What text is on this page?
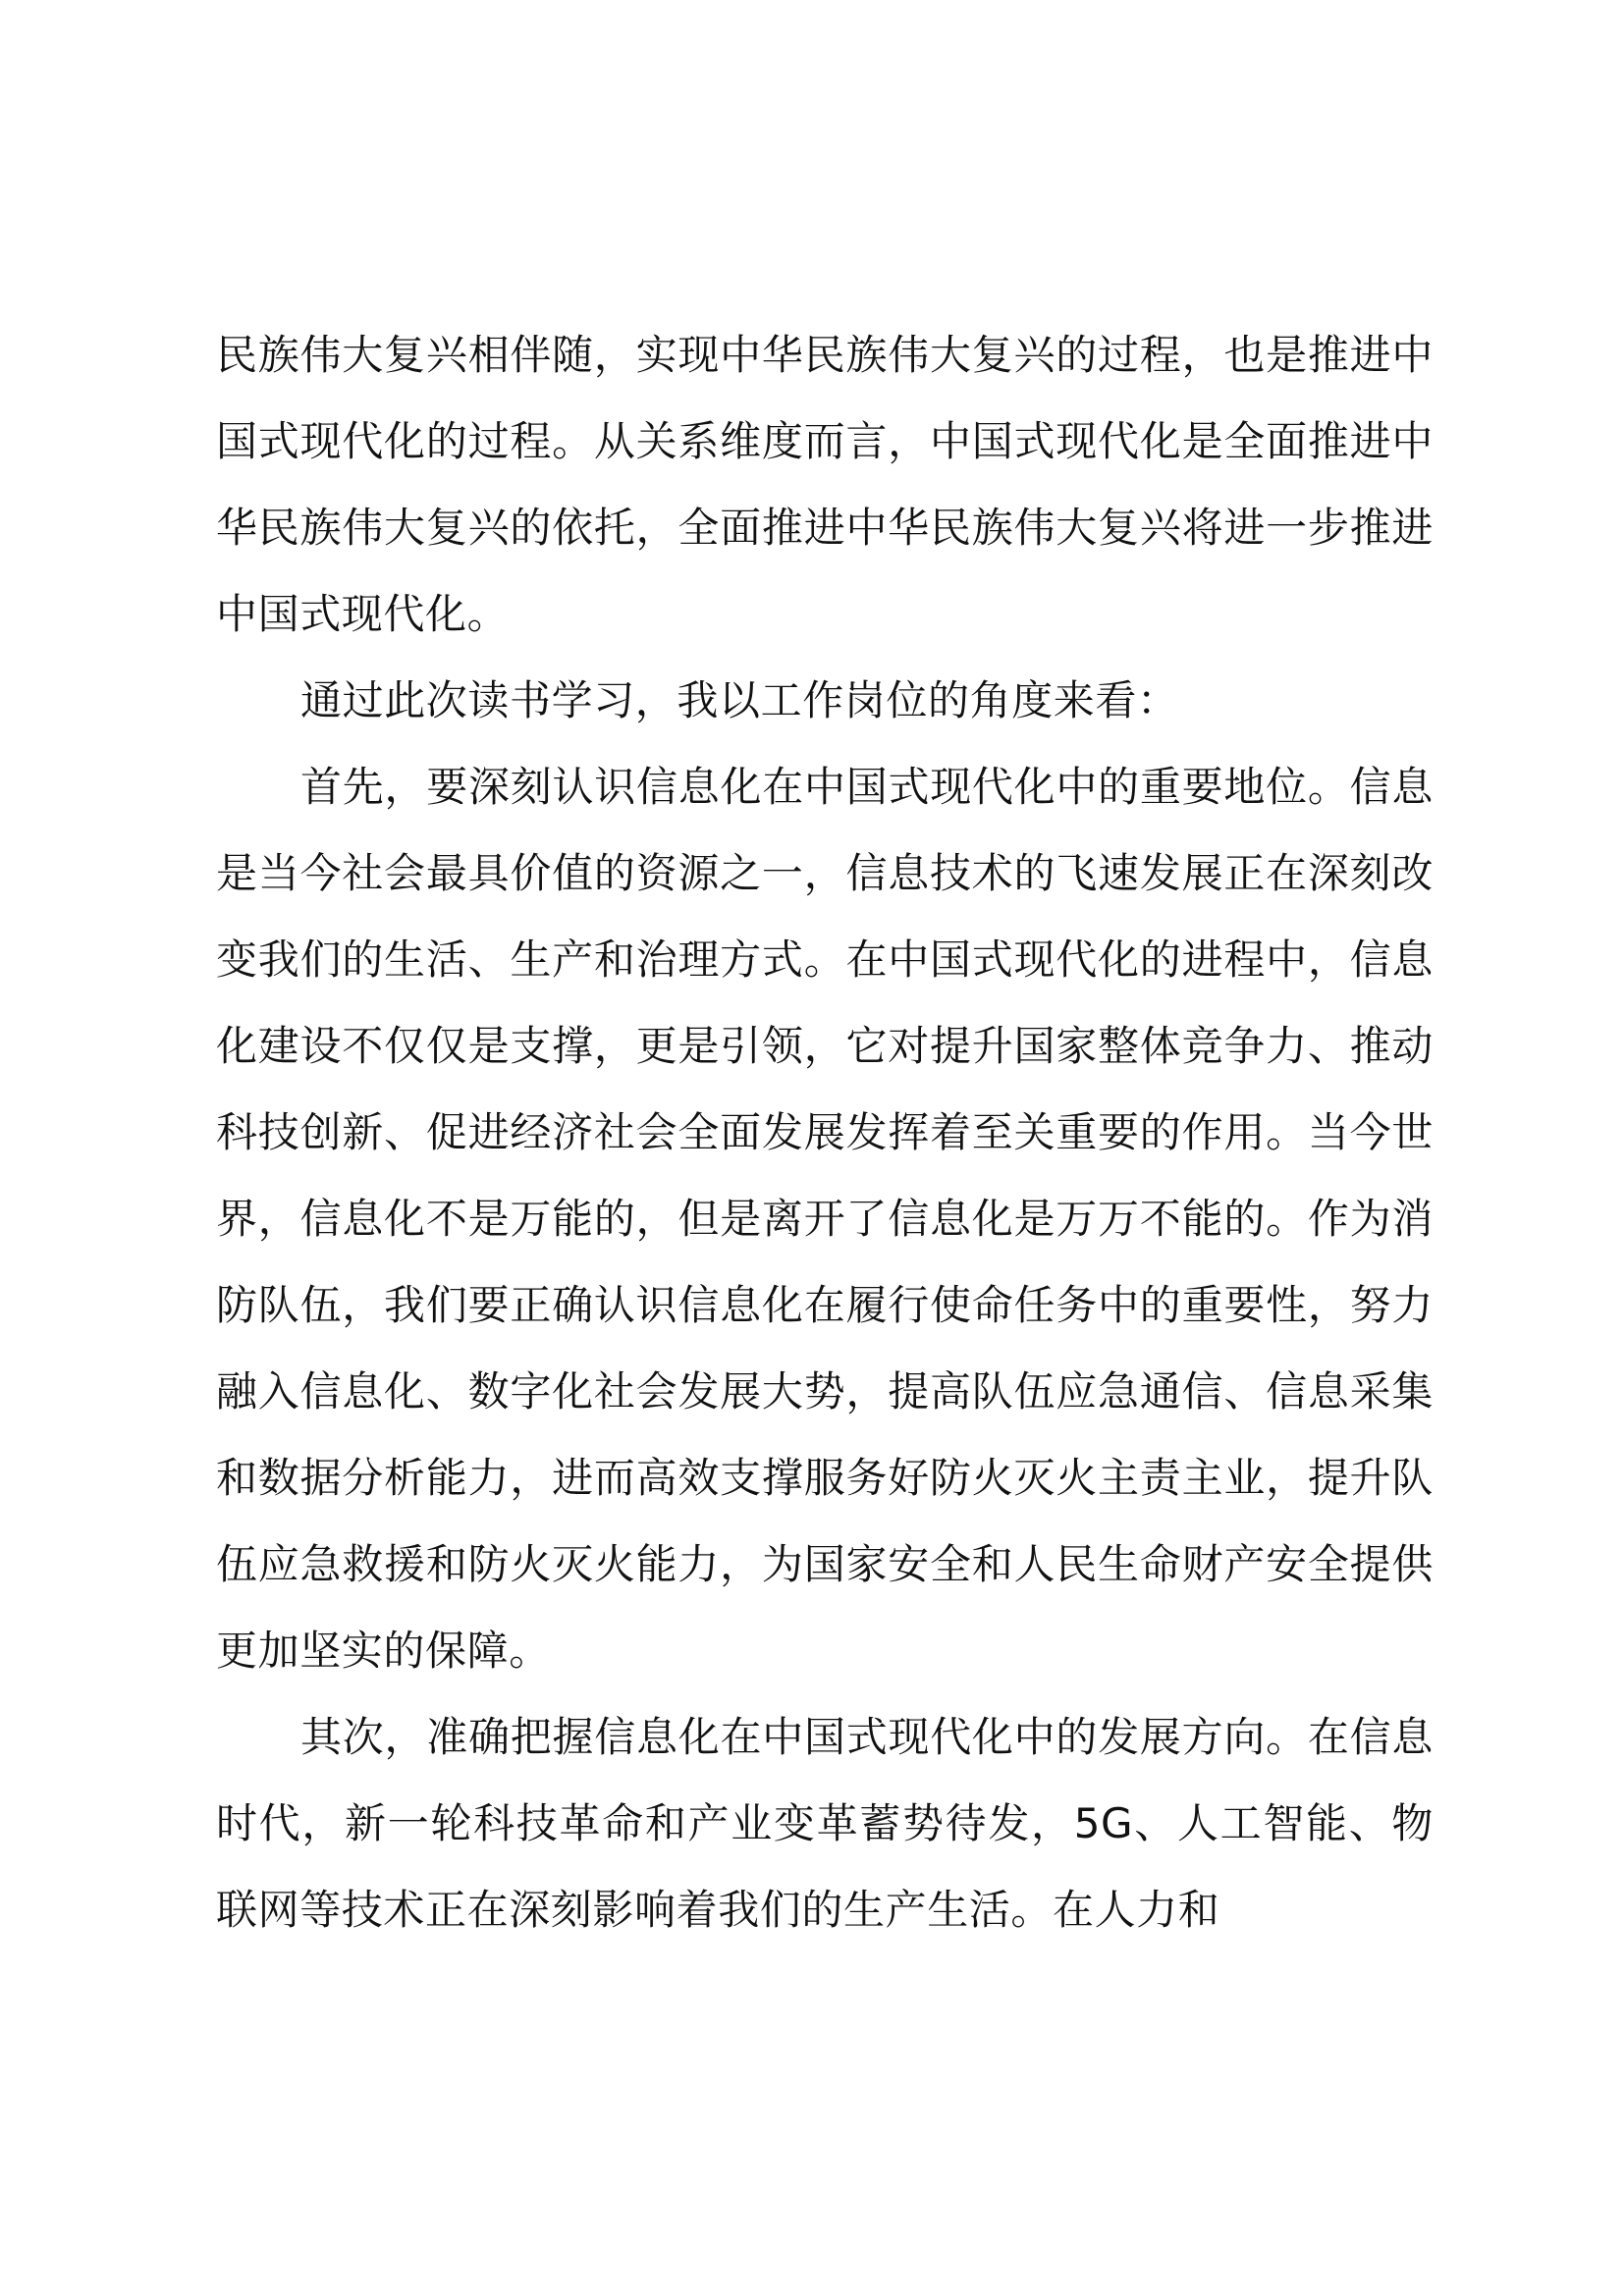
民族伟大复兴相伴随，实现中华民族伟大复兴的过程，也是推进中国式现代化的过程。从关系维度而言，中国式现代化是全面推进中华民族伟大复兴的依托，全面推进中华民族伟大复兴将进一步推进中国式现代化。

通过此次读书学习，我以工作岗位的角度来看：

首先，要深刻认识信息化在中国式现代化中的重要地位。信息是当今社会最具价值的资源之一，信息技术的飞速发展正在深刻改变我们的生活、生产和治理方式。在中国式现代化的进程中，信息化建设不仅仅是支撑，更是引领，它对提升国家整体竞争力、推动科技创新、促进经济社会全面发展发挥着至关重要的作用。当今世界，信息化不是万能的，但是离开了信息化是万万不能的。作为消防队伍，我们要正确认识信息化在履行使命任务中的重要性，努力融入信息化、数字化社会发展大势，提高队伍应急通信、信息采集和数据分析能力，进而高效支撑服务好防火灭火主责主业，提升队伍应急救援和防火灭火能力，为国家安全和人民生命财产安全提供更加坚实的保障。

其次，准确把握信息化在中国式现代化中的发展方向。在信息时代，新一轮科技革命和产业变革蓄势待发，5G、人工智能、物联网等技术正在深刻影响着我们的生产生活。在人力和
